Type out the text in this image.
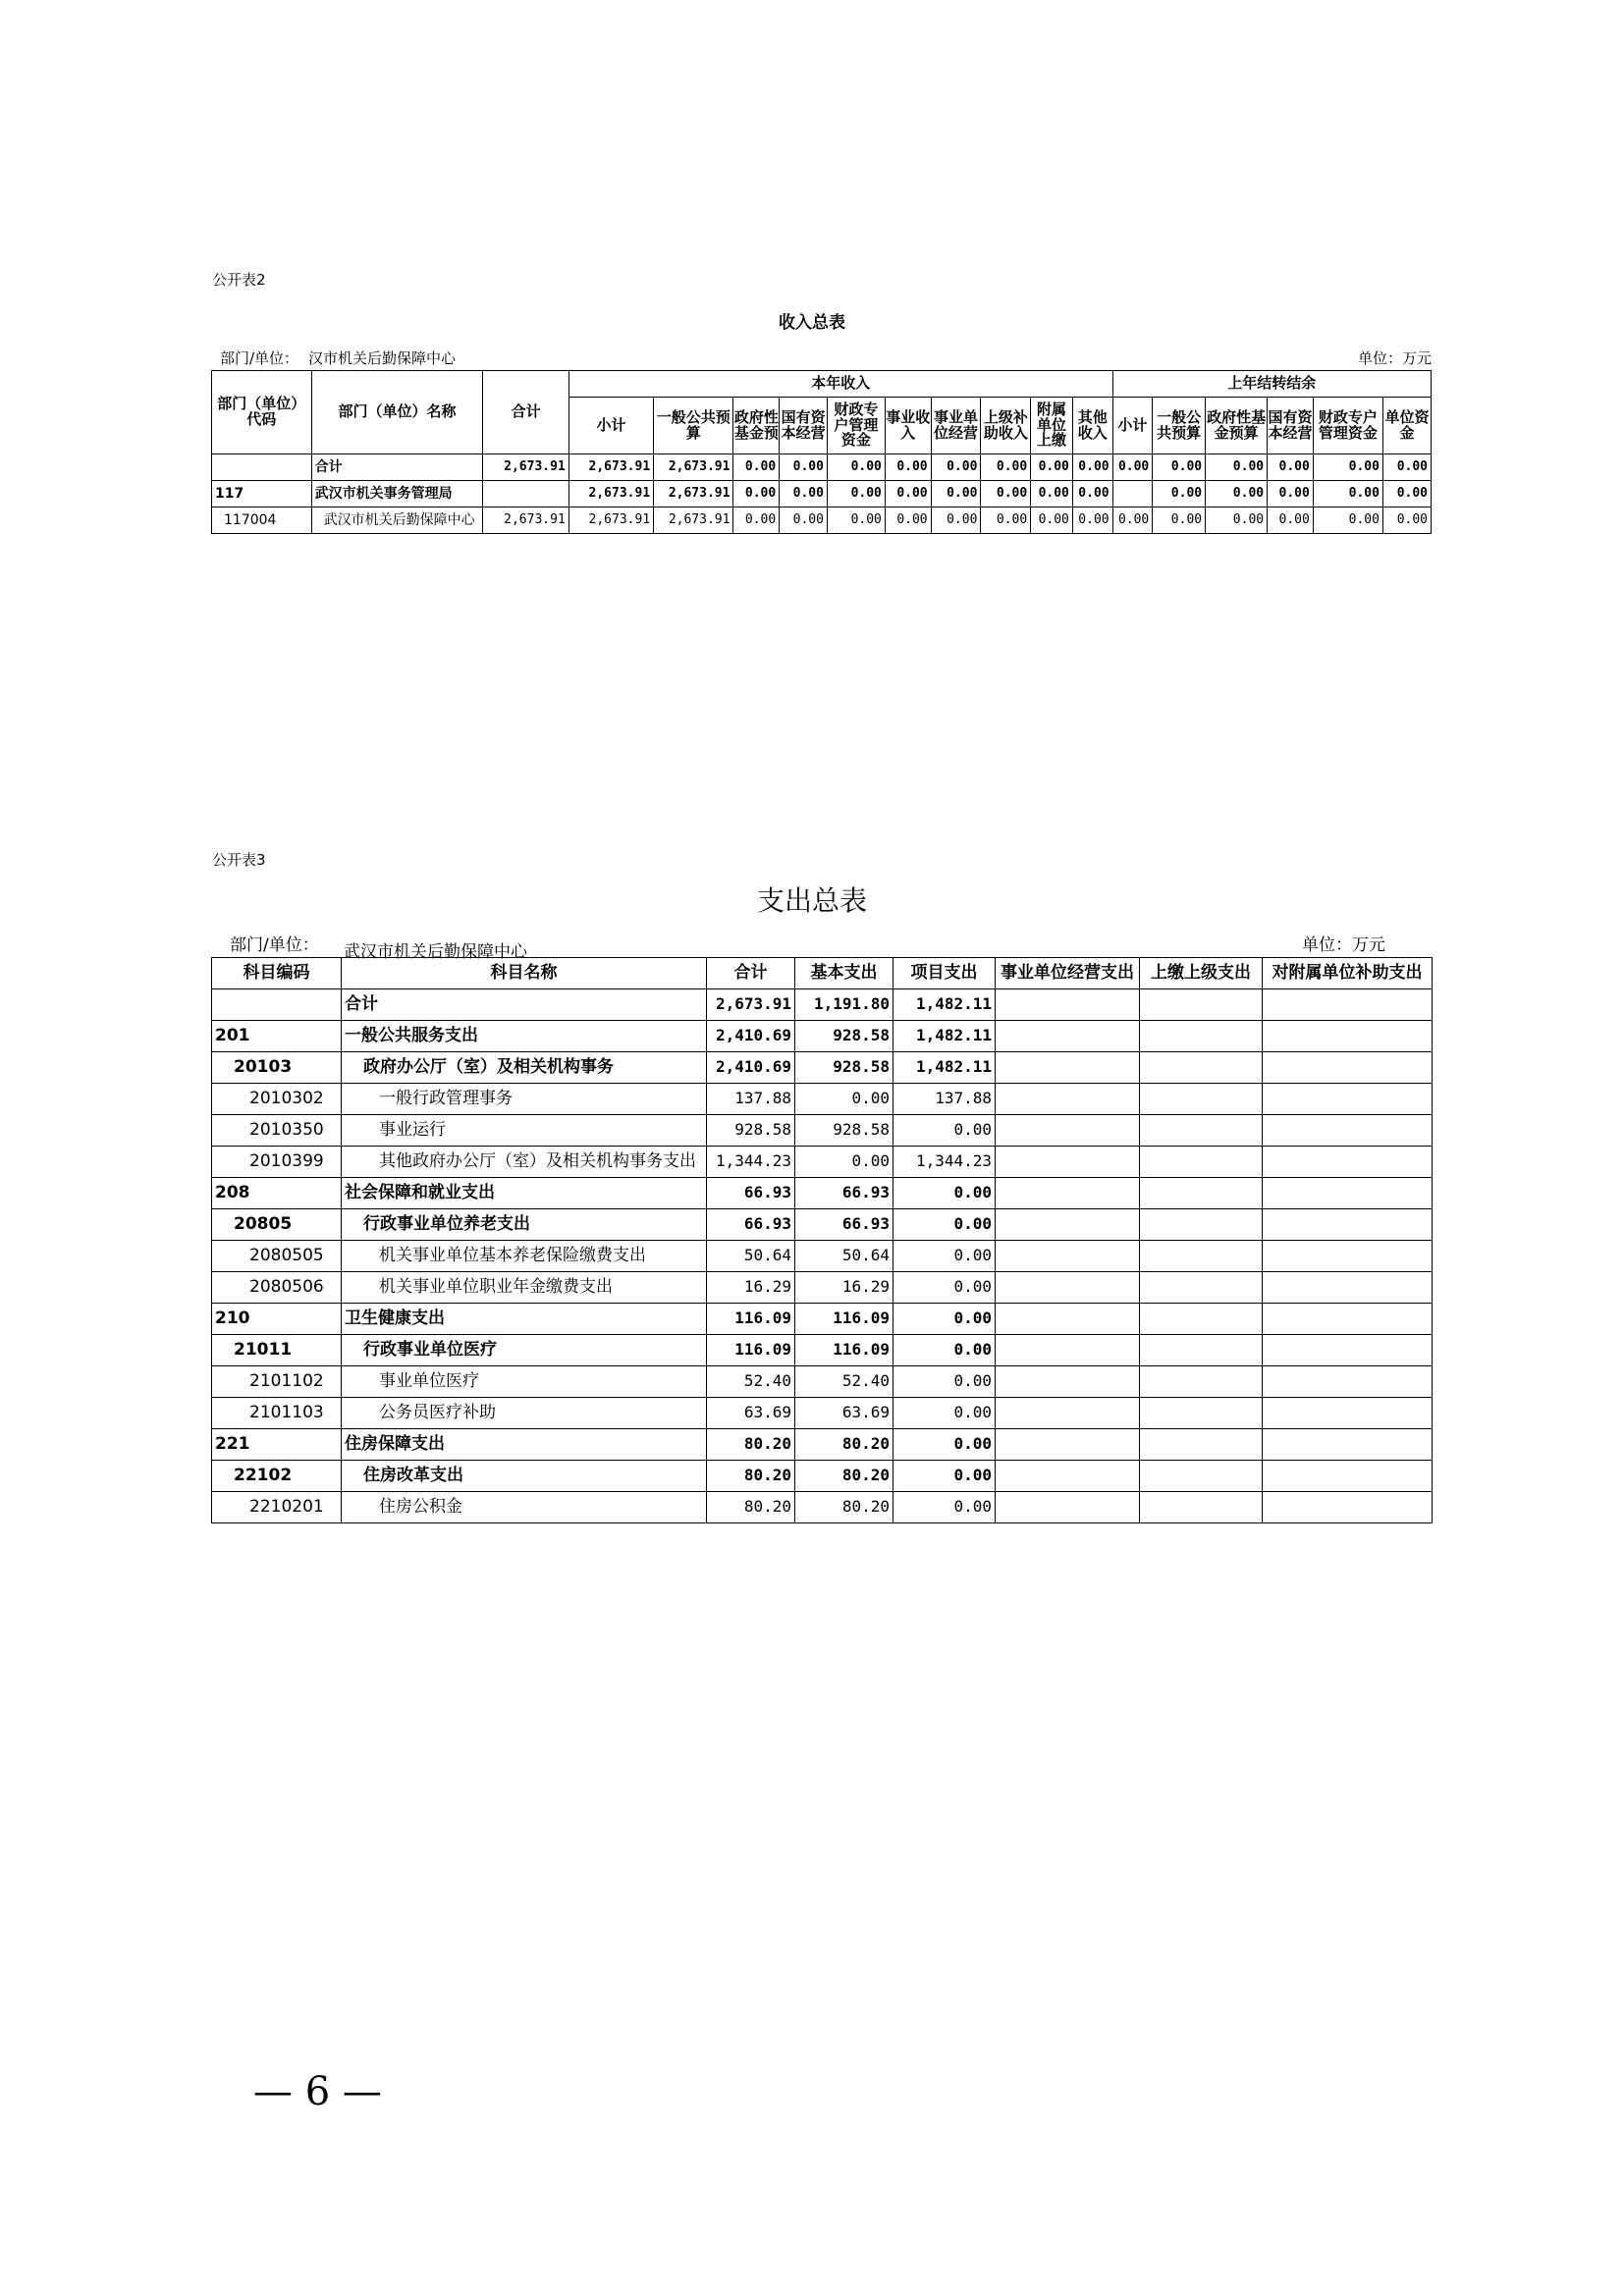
公开表2
收入总表
部门/单位： 汉市机关后勤保障中心	单位：万元
部门（单位）代码	部门（单位）名称	合计	本年收入										上年结转结余					
			小计	一般公共预算	政府性基金预	国有资本经营	财政专户管理资金	事业收入	事业单位经营	上级补助收入	附属单位上缴	其他收入	小计	一般公共预算	政府性基金预算	国有资本经营	财政专户管理资金	单位资金
	合计	2,673.91	2,673.91	2,673.91	0.00	0.00	0.00	0.00	0.00	0.00	0.00	0.00	0.00	0.00	0.00	0.00	0.00	0.00
117	武汉市机关事务管理局		2,673.91	2,673.91	0.00	0.00	0.00	0.00	0.00	0.00	0.00	0.00		0.00	0.00	0.00	0.00	0.00
117004	武汉市机关后勤保障中心	2,673.91	2,673.91	2,673.91	0.00	0.00	0.00	0.00	0.00	0.00	0.00	0.00	0.00	0.00	0.00	0.00	0.00	0.00
公开表3
支出总表
部门/单位： 武汉市机关后勤保障中心	单位：万元
科目编码	科目名称	合计	基本支出	项目支出	事业单位经营支出	上缴上级支出	对附属单位补助支出
	合计	2,673.91	1,191.80	1,482.11			
201	一般公共服务支出	2,410.69	928.58	1,482.11			
20103	政府办公厅（室）及相关机构事务	2,410.69	928.58	1,482.11			
2010302	一般行政管理事务	137.88	0.00	137.88			
2010350	事业运行	928.58	928.58	0.00			
2010399	其他政府办公厅（室）及相关机构事务支出	1,344.23	0.00	1,344.23			
208	社会保障和就业支出	66.93	66.93	0.00			
20805	行政事业单位养老支出	66.93	66.93	0.00			
2080505	机关事业单位基本养老保险缴费支出	50.64	50.64	0.00			
2080506	机关事业单位职业年金缴费支出	16.29	16.29	0.00			
210	卫生健康支出	116.09	116.09	0.00			
21011	行政事业单位医疗	116.09	116.09	0.00			
2101102	事业单位医疗	52.40	52.40	0.00			
2101103	公务员医疗补助	63.69	63.69	0.00			
221	住房保障支出	80.20	80.20	0.00			
22102	住房改革支出	80.20	80.20	0.00			
2210201	住房公积金	80.20	80.20	0.00			
— 6 —
